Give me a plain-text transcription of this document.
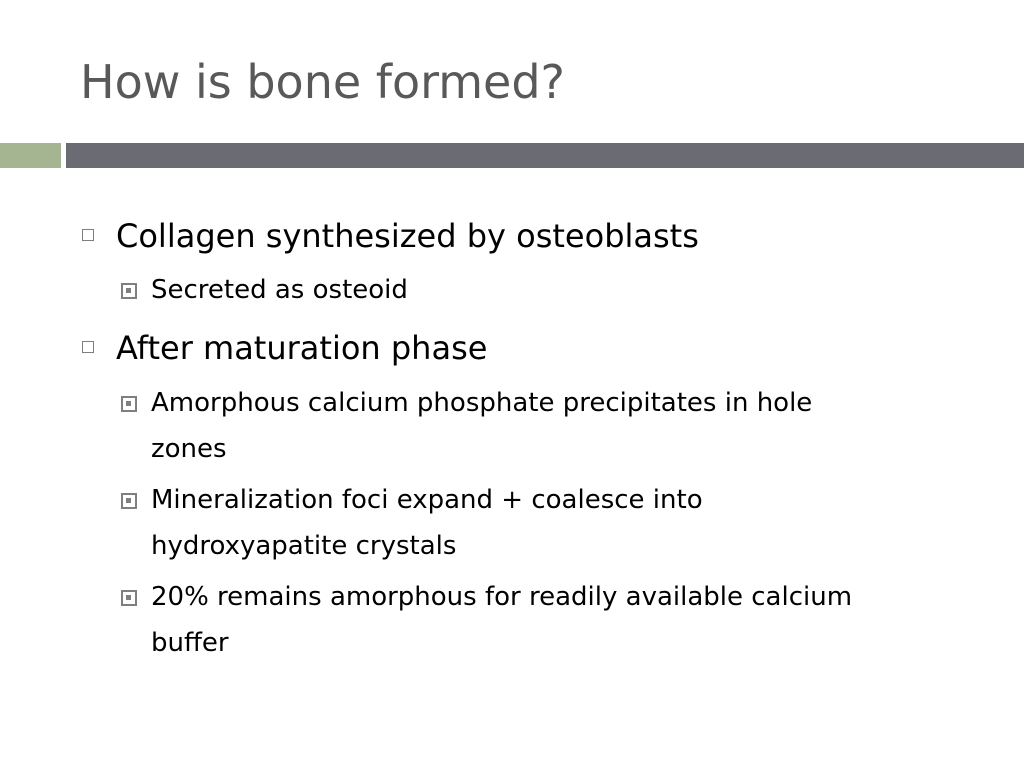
How is bone formed?
Collagen synthesized by osteoblasts
Secreted as osteoid
After maturation phase
Amorphous calcium phosphate precipitates in hole
zones
Mineralization foci expand + coalesce into
hydroxyapatite crystals
20% remains amorphous for readily available calcium
buffer
